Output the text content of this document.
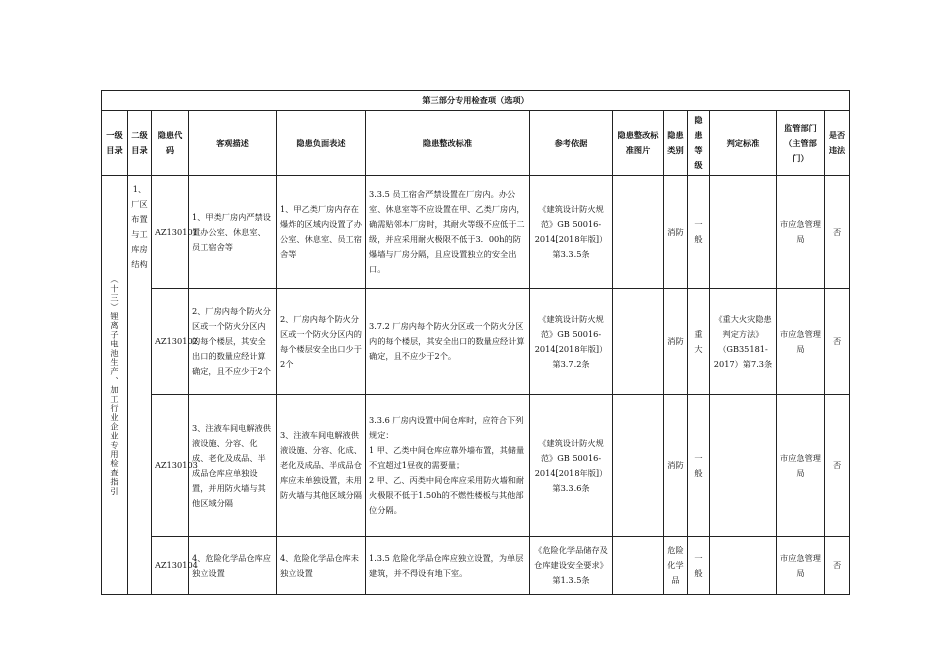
第三部分专用检查项（选项）												
一级目录	二级目录	隐患代码	客观描述	隐患负面表述	隐患整改标准	参考依据	隐患整改标准图片	隐患类别	隐患等级	判定标准	监管部门（主管部门）	是否违法

（十三）锂离子电池生产、加工行业企业专用检查指引	1、厂区布置与工库房结构	AZ130101	1、甲类厂房内严禁设置办公室、休息室、员工宿舍等	1、甲乙类厂房内存在爆炸的区域内设置了办公室、休息室、员工宿舍等	3.3.5 员工宿舍严禁设置在厂房内。办公室、休息室等不应设置在甲、乙类厂房内，确需贴邻本厂房时，其耐火等级不应低于二级，并应采用耐火极限不低于3．00h的防爆墙与厂房分隔，且应设置独立的安全出口。	《建筑设计防火规范》GB 50016-2014[2018年版]）第3.3.5条		消防	一般		市应急管理局	否
		AZ130102	2、厂房内每个防火分区或一个防火分区内的每个楼层，其安全出口的数量应经计算确定，且不应少于2个	2、厂房内每个防火分区或一个防火分区内的每个楼层安全出口少于2个	3.7.2 厂房内每个防火分区或一个防火分区内的每个楼层，其安全出口的数量应经计算确定，且不应少于2个。	《建筑设计防火规范》GB 50016-2014[2018年版]）第3.7.2条		消防	重大	《重大火灾隐患判定方法》（GB35181-2017）第7.3条	市应急管理局	否
		AZ130103	3、注液车间电解液供液设施、分容、化成、老化及成品、半成品仓库应单独设置，并用防火墙与其他区域分隔	3、注液车间电解液供液设施、分容、化成、老化及成品、半成品仓库应未单独设置，未用防火墙与其他区域分隔	3.3.6 厂房内设置中间仓库时，应符合下列规定：
1 甲、乙类中间仓库应靠外墙布置，其储量不宜超过1昼夜的需要量；
2 甲、乙、丙类中间仓库应采用防火墙和耐火极限不低于1.50h的不燃性楼板与其他部位分隔。	《建筑设计防火规范》GB 50016-2014[2018年版]）第3.3.6条		消防	一般		市应急管理局	否
		AZ130104	4、危险化学品仓库应独立设置	4、危险化学品仓库未独立设置	1.3.5 危险化学品仓库应独立设置，为单层建筑，并不得设有地下室。	《危险化学品储存及仓库建设安全要求》第1.3.5条		危险化学品	一般		市应急管理局	否
